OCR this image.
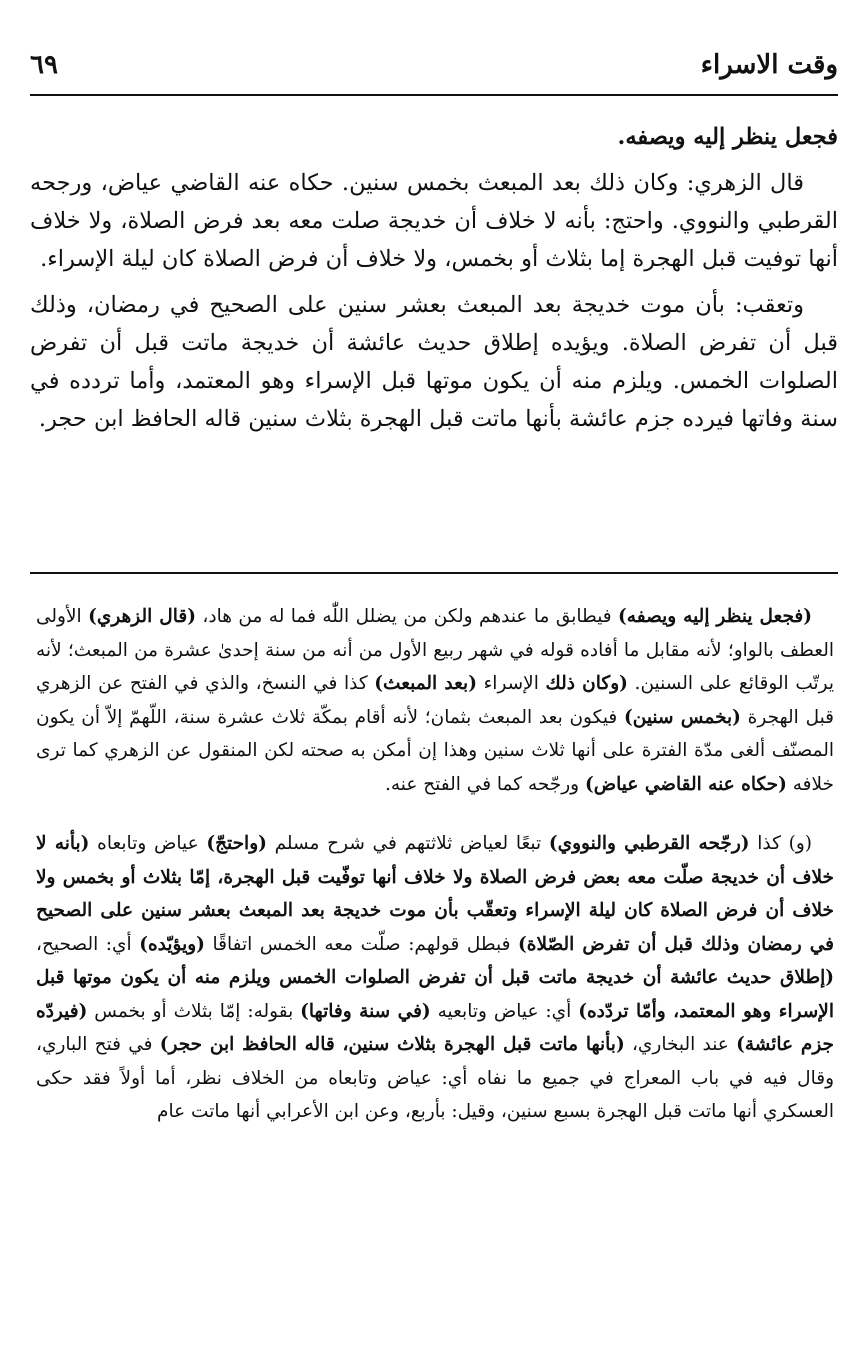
وقت الاسراء
٦٩

فجعل ينظر إليه ويصفه.

قال الزهري: وكان ذلك بعد المبعث بخمس سنين. حكاه عنه القاضي عياض، ورجحه القرطبي والنووي. واحتج: بأنه لا خلاف أن خديجة صلت معه بعد فرض الصلاة، ولا خلاف أنها توفيت قبل الهجرة إما بثلاث أو بخمس، ولا خلاف أن فرض الصلاة كان ليلة الإسراء.

وتعقب: بأن موت خديجة بعد المبعث بعشر سنين على الصحيح في رمضان، وذلك قبل أن تفرض الصلاة. ويؤيده إطلاق حديث عائشة أن خديجة ماتت قبل أن تفرض الصلوات الخمس. ويلزم منه أن يكون موتها قبل الإسراء وهو المعتمد، وأما تردده في سنة وفاتها فيرده جزم عائشة بأنها ماتت قبل الهجرة بثلاث سنين قاله الحافظ ابن حجر.

(فجعل ينظر إليه ويصفه) فيطابق ما عندهم ولكن من يضلل اللّٰه فما له من هاد، (قال الزهري) الأولى العطف بالواو؛ لأنه مقابل ما أفاده قوله في شهر ربيع الأول من أنه من سنة إحدىٰ عشرة من المبعث؛ لأنه يرتّب الوقائع على السنين. (وكان ذلك الإسراء (بعد المبعث) كذا في النسخ، والذي في الفتح عن الزهري قبل الهجرة (بخمس سنين) فيكون بعد المبعث بثمان؛ لأنه أقام بمكّة ثلاث عشرة سنة، اللّهمّ إلاّ أن يكون المصنّف ألغى مدّة الفترة على أنها ثلاث سنين وهذا إن أمكن به صحته لكن المنقول عن الزهري كما ترى خلافه (حكاه عنه القاضي عياض) ورجّحه كما في الفتح عنه.

(و) كذا (رجّحه القرطبي والنووي) تبعًا لعياض ثلاثتهم في شرح مسلم (واحتجّ) عياض وتابعاه (بأنه لا خلاف أن خديجة صلّت معه بعض فرض الصلاة ولا خلاف أنها توفّيت قبل الهجرة، إمّا بثلاث أو بخمس ولا خلاف أن فرض الصلاة كان ليلة الإسراء وتعقّب بأن موت خديجة بعد المبعث بعشر سنين على الصحيح في رمضان وذلك قبل أن تفرض الصّلاة) فبطل قولهم: صلّت معه الخمس اتفاقًا (ويؤيّده) أي: الصحيح، (إطلاق حديث عائشة أن خديجة ماتت قبل أن تفرض الصلوات الخمس ويلزم منه أن يكون موتها قبل الإسراء وهو المعتمد، وأمّا تردّده) أي: عياض وتابعيه (في سنة وفاتها) بقوله: إمّا بثلاث أو بخمس (فيردّه جزم عائشة) عند البخاري، (بأنها ماتت قبل الهجرة بثلاث سنين، قاله الحافظ ابن حجر) في فتح الباري، وقال فيه في باب المعراج في جميع ما نفاه أي: عياض وتابعاه من الخلاف نظر، أما أولاً فقد حكى العسكري أنها ماتت قبل الهجرة بسبع سنين، وقيل: بأربع، وعن ابن الأعرابي أنها ماتت عام
